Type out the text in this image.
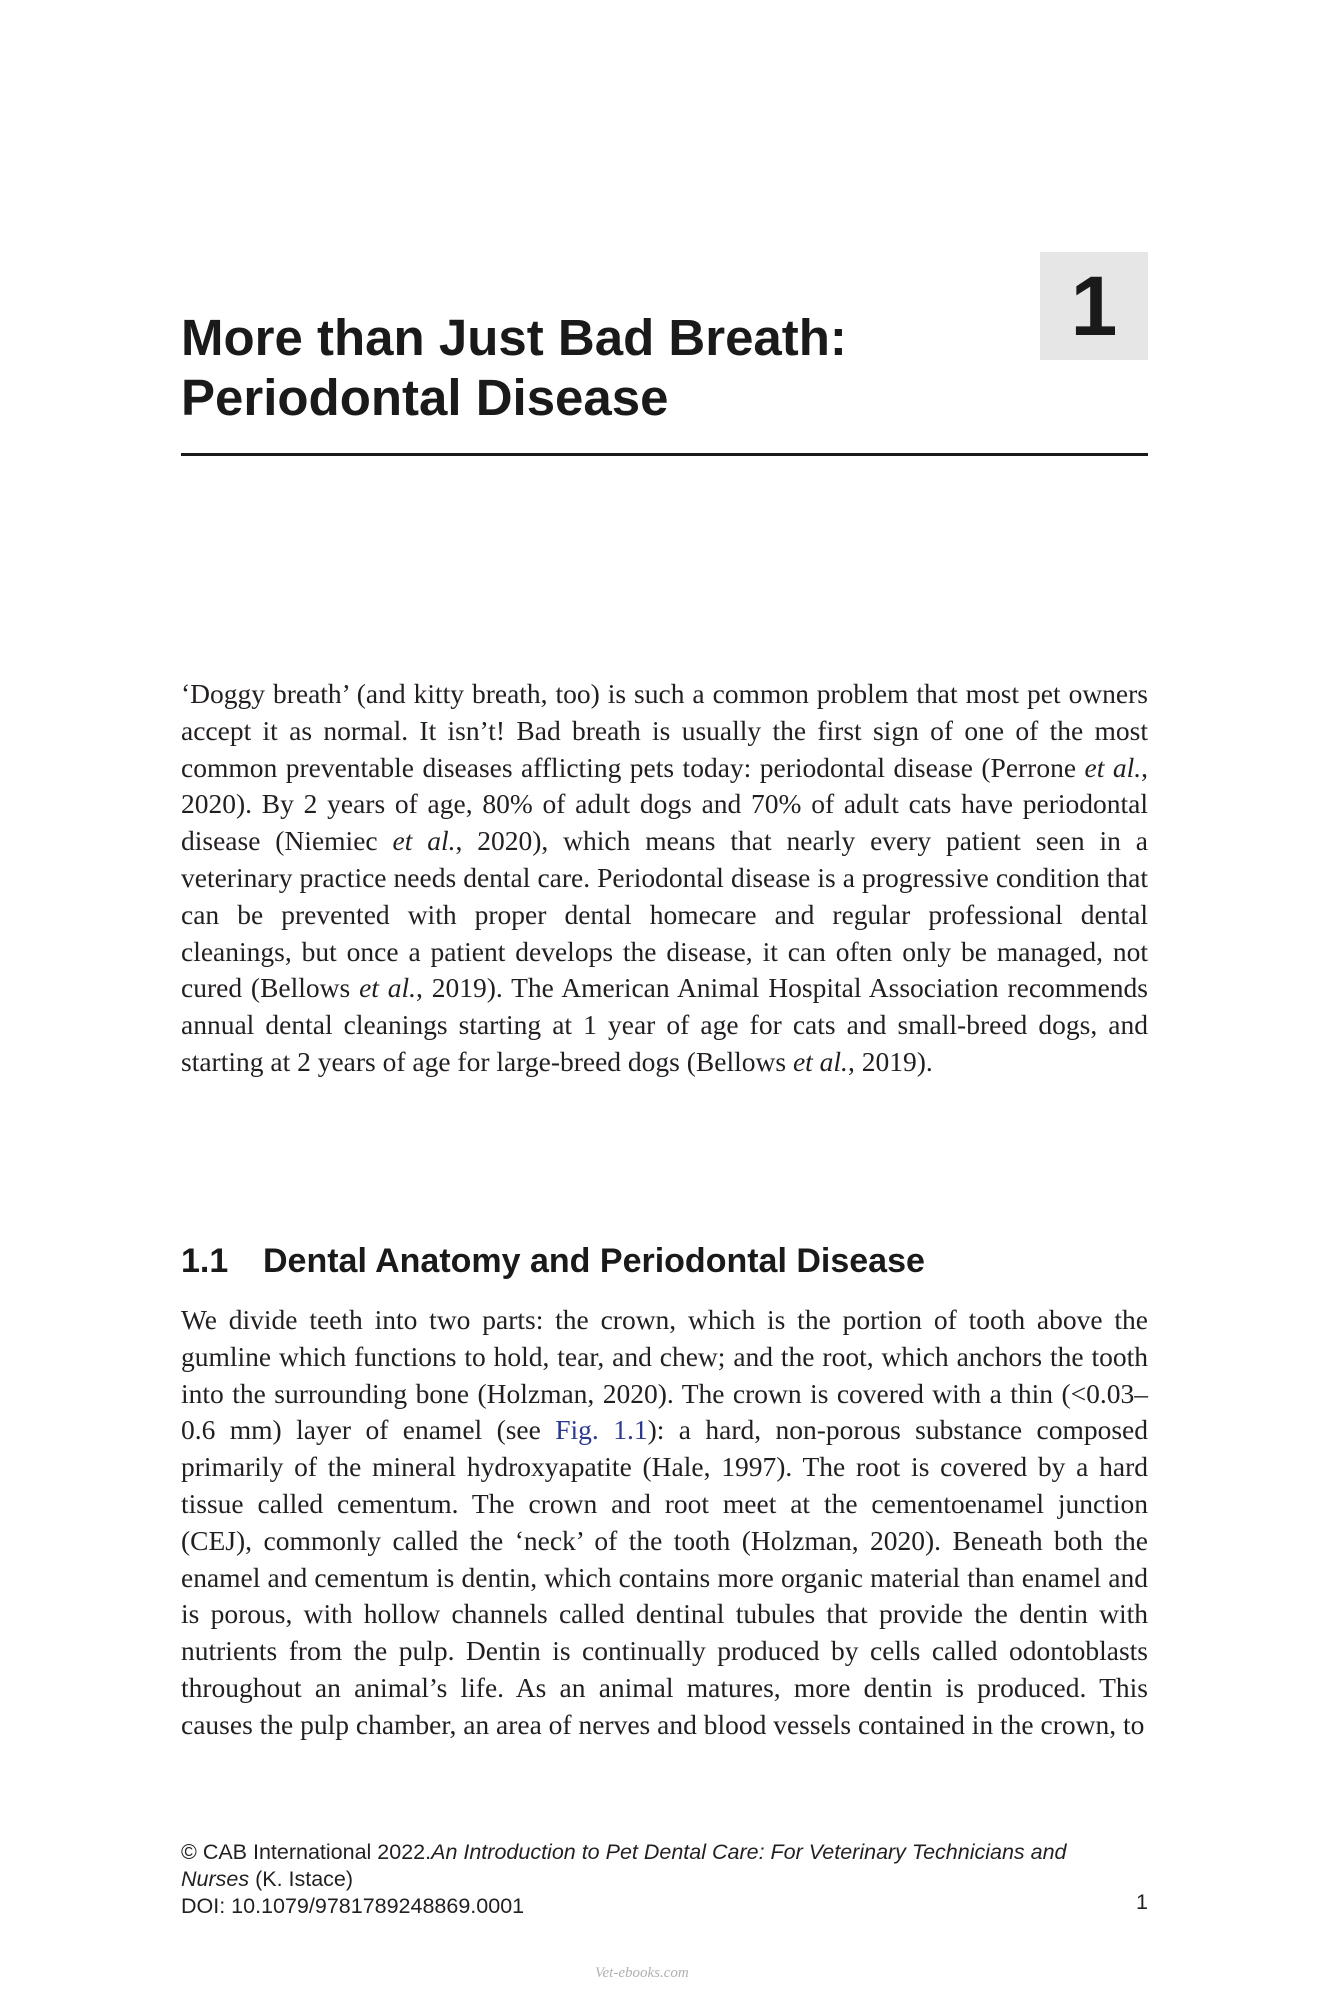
1
More than Just Bad Breath:
Periodontal Disease

‘Doggy breath’ (and kitty breath, too) is such a common problem that most pet owners accept it as normal. It isn’t! Bad breath is usually the first sign of one of the most common preventable diseases afflicting pets today: periodontal disease (Perrone et al., 2020). By 2 years of age, 80% of adult dogs and 70% of adult cats have periodontal disease (Niemiec et al., 2020), which means that nearly every patient seen in a veterinary practice needs dental care. Periodontal disease is a progressive condition that can be prevented with proper dental homecare and regular professional dental cleanings, but once a patient develops the disease, it can often only be managed, not cured (Bellows et al., 2019). The American Animal Hospital Association recommends annual dental cleanings starting at 1 year of age for cats and small-breed dogs, and starting at 2 years of age for large-breed dogs (Bellows et al., 2019).

1.1 Dental Anatomy and Periodontal Disease

We divide teeth into two parts: the crown, which is the portion of tooth above the gumline which functions to hold, tear, and chew; and the root, which anchors the tooth into the surrounding bone (Holzman, 2020). The crown is covered with a thin (<0.03–0.6 mm) layer of enamel (see Fig. 1.1): a hard, non-porous substance composed primarily of the mineral hydroxyapatite (Hale, 1997). The root is covered by a hard tissue called cementum. The crown and root meet at the cementoenamel junction (CEJ), commonly called the ‘neck’ of the tooth (Holzman, 2020). Beneath both the enamel and cementum is dentin, which contains more organic material than enamel and is porous, with hollow channels called dentinal tubules that provide the dentin with nutrients from the pulp. Dentin is continually produced by cells called odontoblasts throughout an animal’s life. As an animal matures, more dentin is produced. This causes the pulp chamber, an area of nerves and blood vessels contained in the crown, to

© CAB International 2022.An Introduction to Pet Dental Care: For Veterinary Technicians and Nurses (K. Istace)
DOI: 10.1079/9781789248869.0001	1
Vet-ebooks.com
